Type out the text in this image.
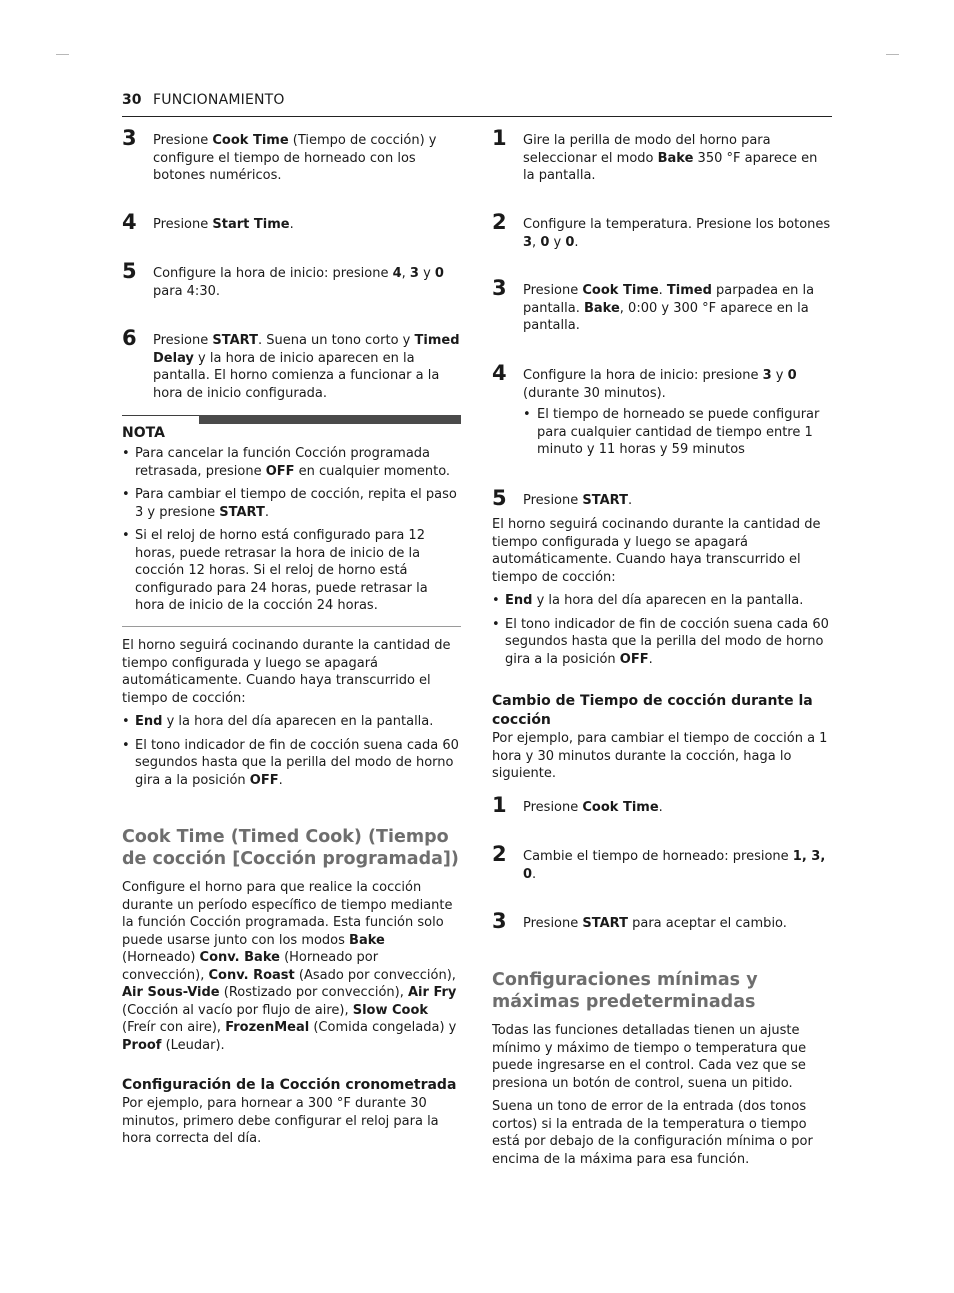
30 FUNCIONAMIENTO
3 Presione Cook Time (Tiempo de cocción) y configure el tiempo de horneado con los botones numéricos.

4 Presione Start Time.

5 Configure la hora de inicio: presione 4, 3 y 0 para 4:30.

6 Presione START. Suena un tono corto y Timed Delay y la hora de inicio aparecen en la pantalla. El horno comienza a funcionar a la hora de inicio configurada.

NOTA
• Para cancelar la función Cocción programada retrasada, presione OFF en cualquier momento.
• Para cambiar el tiempo de cocción, repita el paso 3 y presione START.
• Si el reloj de horno está configurado para 12 horas, puede retrasar la hora de inicio de la cocción 12 horas. Si el reloj de horno está configurado para 24 horas, puede retrasar la hora de inicio de la cocción 24 horas.

El horno seguirá cocinando durante la cantidad de tiempo configurada y luego se apagará automáticamente. Cuando haya transcurrido el tiempo de cocción:

• End y la hora del día aparecen en la pantalla.
• El tono indicador de fin de cocción suena cada 60 segundos hasta que la perilla del modo de horno gira a la posición OFF.
Cook Time (Timed Cook) (Tiempo de cocción [Cocción programada])

Configure el horno para que realice la cocción durante un período específico de tiempo mediante la función Cocción programada. Esta función solo puede usarse junto con los modos Bake (Horneado) Conv. Bake (Horneado por convección), Conv. Roast (Asado por convección), Air Sous-Vide (Rostizado por convección), Air Fry (Cocción al vacío por flujo de aire), Slow Cook (Freír con aire), FrozenMeal (Comida congelada) y Proof (Leudar).

Configuración de la Cocción cronometrada

Por ejemplo, para hornear a 300 °F durante 30 minutos, primero debe configurar el reloj para la hora correcta del día.

1 Gire la perilla de modo del horno para seleccionar el modo Bake 350 °F aparece en la pantalla.

2 Configure la temperatura. Presione los botones 3, 0 y 0.

3 Presione Cook Time. Timed parpadea en la pantalla. Bake, 0:00 y 300 °F aparece en la pantalla.

4 Configure la hora de inicio: presione 3 y 0 (durante 30 minutos).

• El tiempo de horneado se puede configurar para cualquier cantidad de tiempo entre 1 minuto y 11 horas y 59 minutos
5 Presione START.

El horno seguirá cocinando durante la cantidad de tiempo configurada y luego se apagará automáticamente. Cuando haya transcurrido el tiempo de cocción:

• End y la hora del día aparecen en la pantalla.
• El tono indicador de fin de cocción suena cada 60 segundos hasta que la perilla del modo de horno gira a la posición OFF.
Cambio de Tiempo de cocción durante la cocción

Por ejemplo, para cambiar el tiempo de cocción a 1 hora y 30 minutos durante la cocción, haga lo siguiente.

1 Presione Cook Time.

2 Cambie el tiempo de horneado: presione 1, 3, 0.

3 Presione START para aceptar el cambio.

Configuraciones mínimas y máximas predeterminadas

Todas las funciones detalladas tienen un ajuste mínimo y máximo de tiempo o temperatura que puede ingresarse en el control. Cada vez que se presiona un botón de control, suena un pitido.

Suena un tono de error de la entrada (dos tonos cortos) si la entrada de la temperatura o tiempo está por debajo de la configuración mínima o por encima de la máxima para esa función.
